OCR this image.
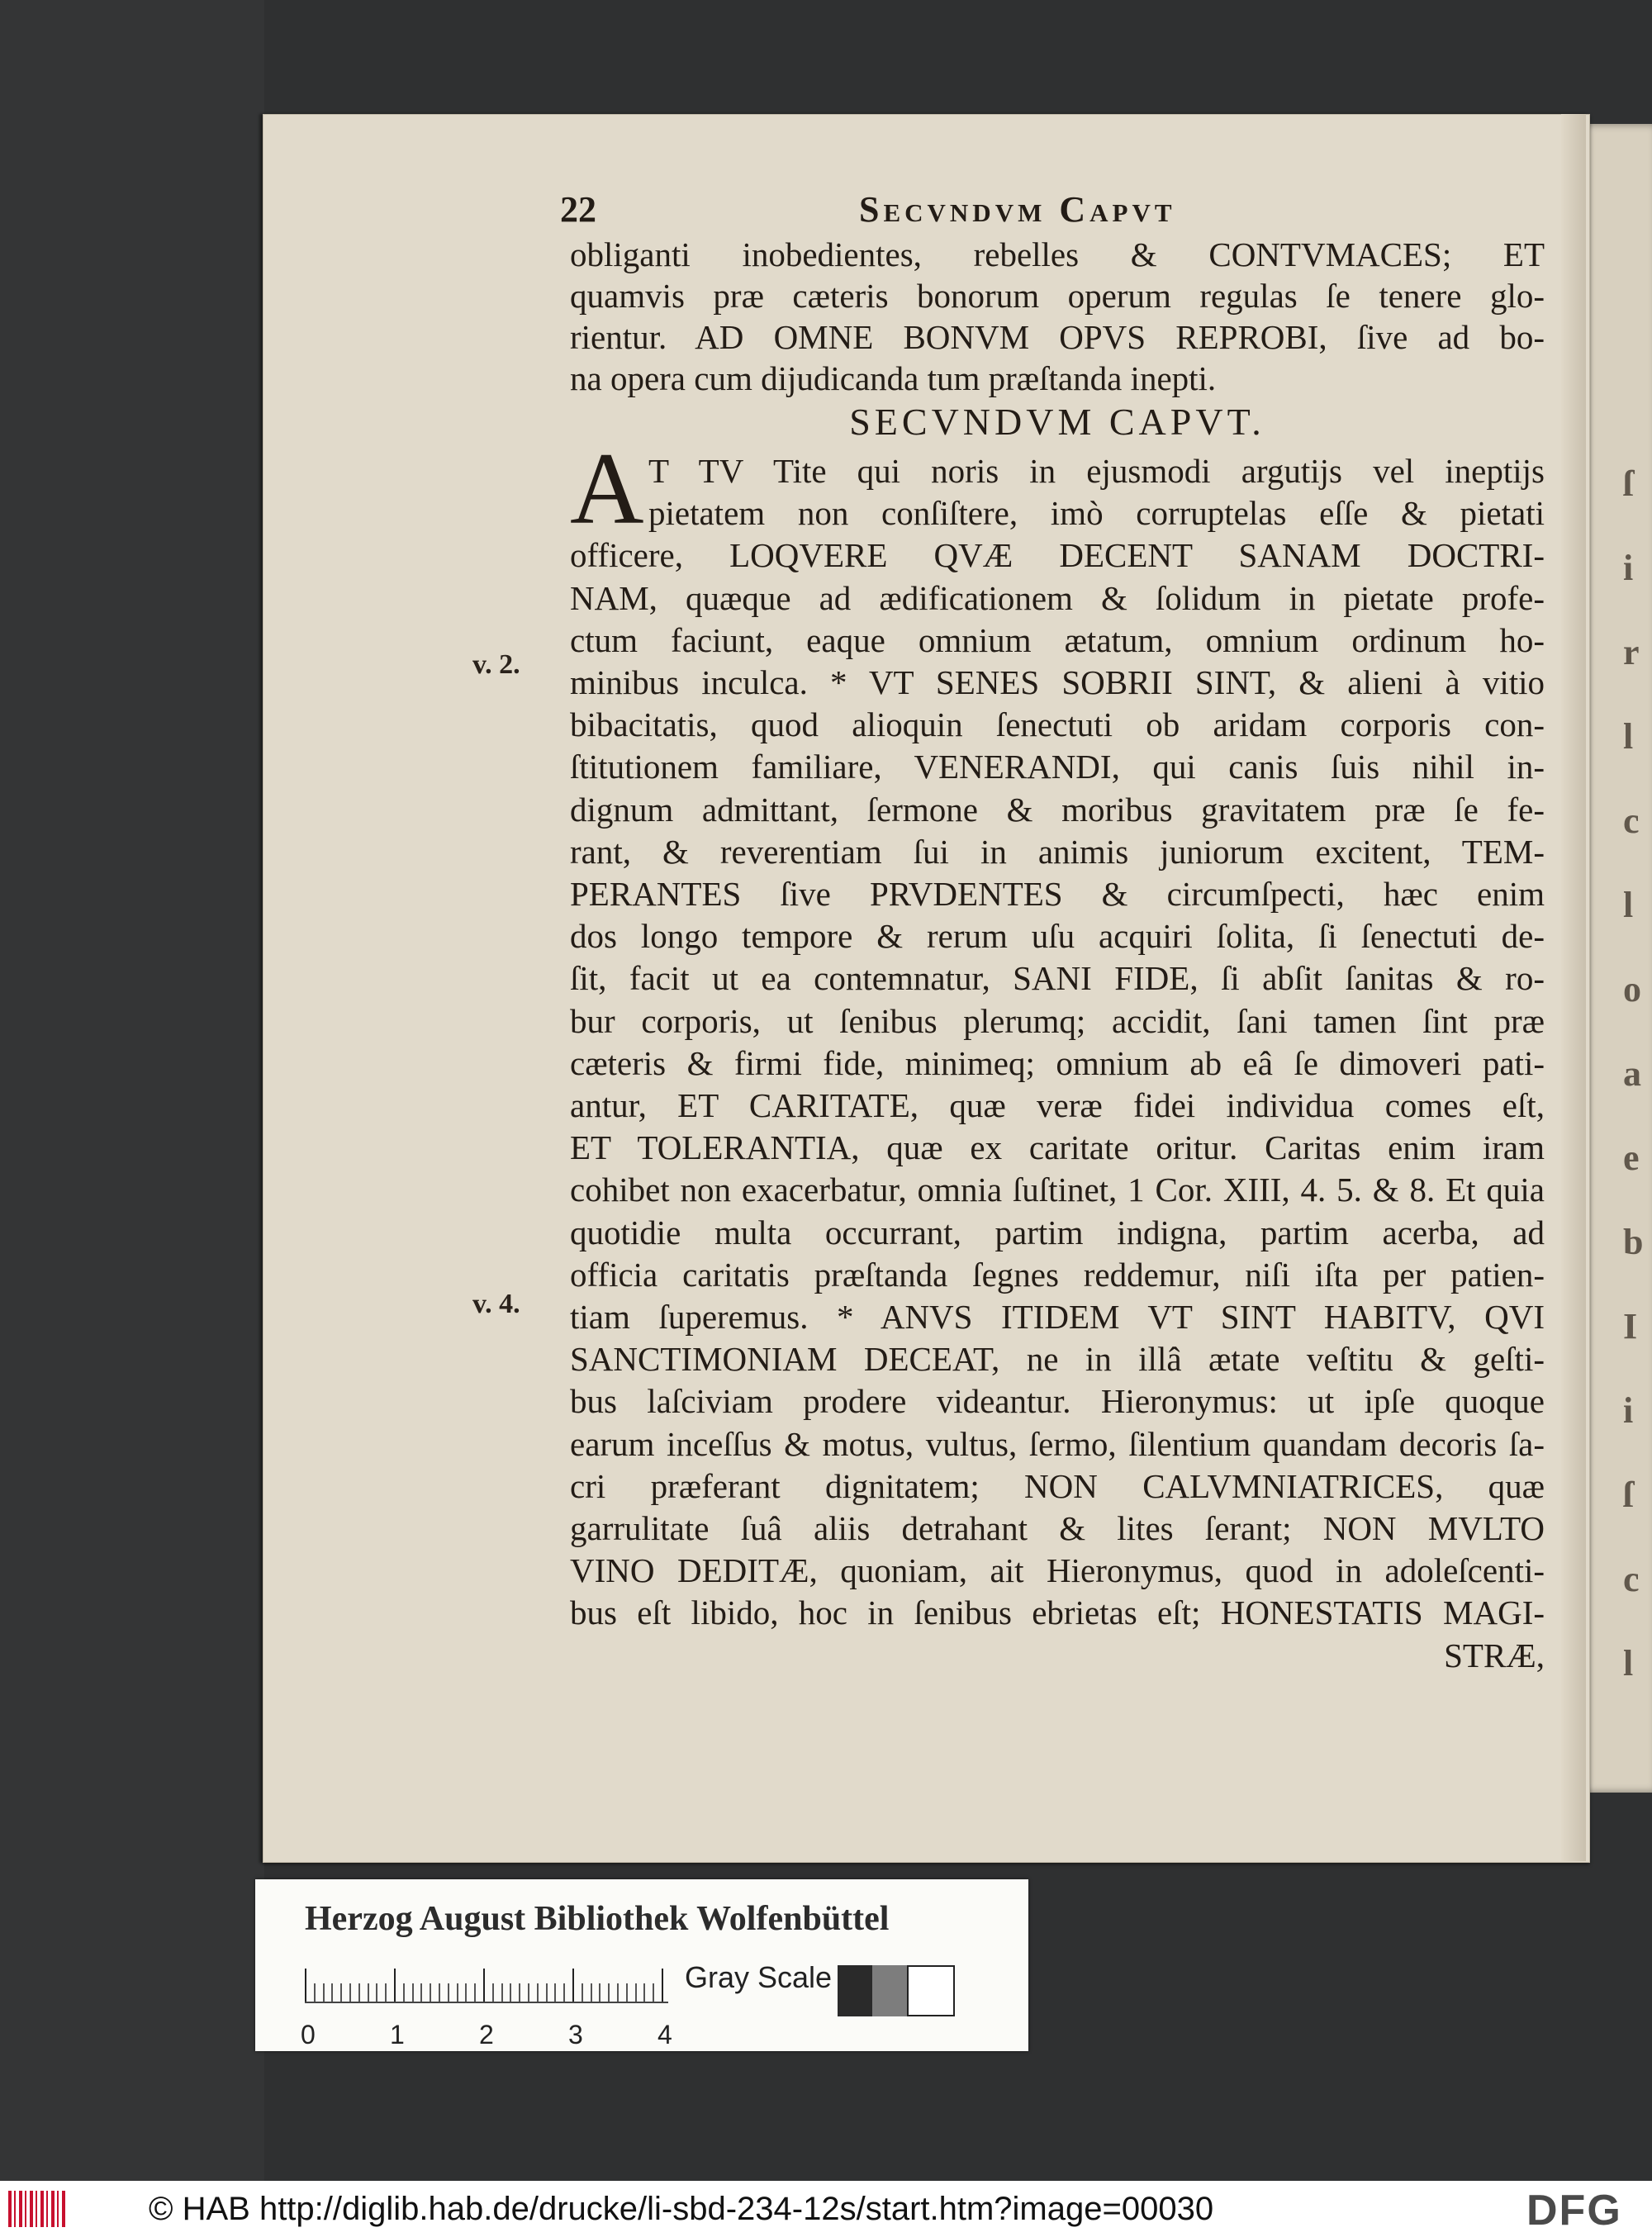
ſ
i
r
l
c
l
o
a
e
b
I
i
ſ
c
l
22	Secvndvm Capvt
obliganti inobedientes, rebelles & CONTVMACES; ET
quamvis præ cæteris bonorum operum regulas ſe tenere glo-
rientur. AD OMNE BONVM OPVS REPROBI, ſive ad bo-
na opera cum dijudicanda tum præſtanda inepti.
SECVNDVM CAPVT.
A T TV Tite qui noris in ejusmodi argutijs vel ineptijs
pietatem non conſiſtere, imò corruptelas eſſe & pietati
officere, LOQVERE QVÆ DECENT SANAM DOCTRI-
NAM, quæque ad ædificationem & ſolidum in pietate profe-
ctum faciunt, eaque omnium ætatum, omnium ordinum ho-
minibus inculca. * VT SENES SOBRII SINT, & alieni à vitio
bibacitatis, quod alioquin ſenectuti ob aridam corporis con-
ſtitutionem familiare, VENERANDI, qui canis ſuis nihil in-
dignum admittant, ſermone & moribus gravitatem præ ſe fe-
rant, & reverentiam ſui in animis juniorum excitent, TEM-
PERANTES ſive PRVDENTES & circumſpecti, hæc enim
dos longo tempore & rerum uſu acquiri ſolita, ſi ſenectuti de-
ſit, facit ut ea contemnatur, SANI FIDE, ſi abſit ſanitas & ro-
bur corporis, ut ſenibus plerumq; accidit, ſani tamen ſint præ
cæteris & firmi fide, minimeq; omnium ab eâ ſe dimoveri pati-
antur, ET CARITATE, quæ veræ fidei individua comes eſt,
ET TOLERANTIA, quæ ex caritate oritur. Caritas enim iram
cohibet non exacerbatur, omnia ſuſtinet, 1 Cor. XIII, 4. 5. & 8. Et quia
quotidie multa occurrant, partim indigna, partim acerba, ad
officia caritatis præſtanda ſegnes reddemur, niſi iſta per patien-
tiam ſuperemus. * ANVS ITIDEM VT SINT HABITV, QVI
SANCTIMONIAM DECEAT, ne in illâ ætate veſtitu & geſti-
bus laſciviam prodere videantur. Hieronymus: ut ipſe quoque
earum inceſſus & motus, vultus, ſermo, ſilentium quandam decoris ſa-
cri præferant dignitatem; NON CALVMNIATRICES, quæ
garrulitate ſuâ aliis detrahant & lites ſerant; NON MVLTO
VINO DEDITÆ, quoniam, ait Hieronymus, quod in adoleſcenti-
bus eſt libido, hoc in ſenibus ebrietas eſt; HONESTATIS MAGI-
STRÆ,
v. 2.
v. 4.
Herzog August Bibliothek Wolfenbüttel
0	1	2	3	4
Gray Scale
© HAB http://diglib.hab.de/drucke/li-sbd-234-12s/start.htm?image=00030	DFG
